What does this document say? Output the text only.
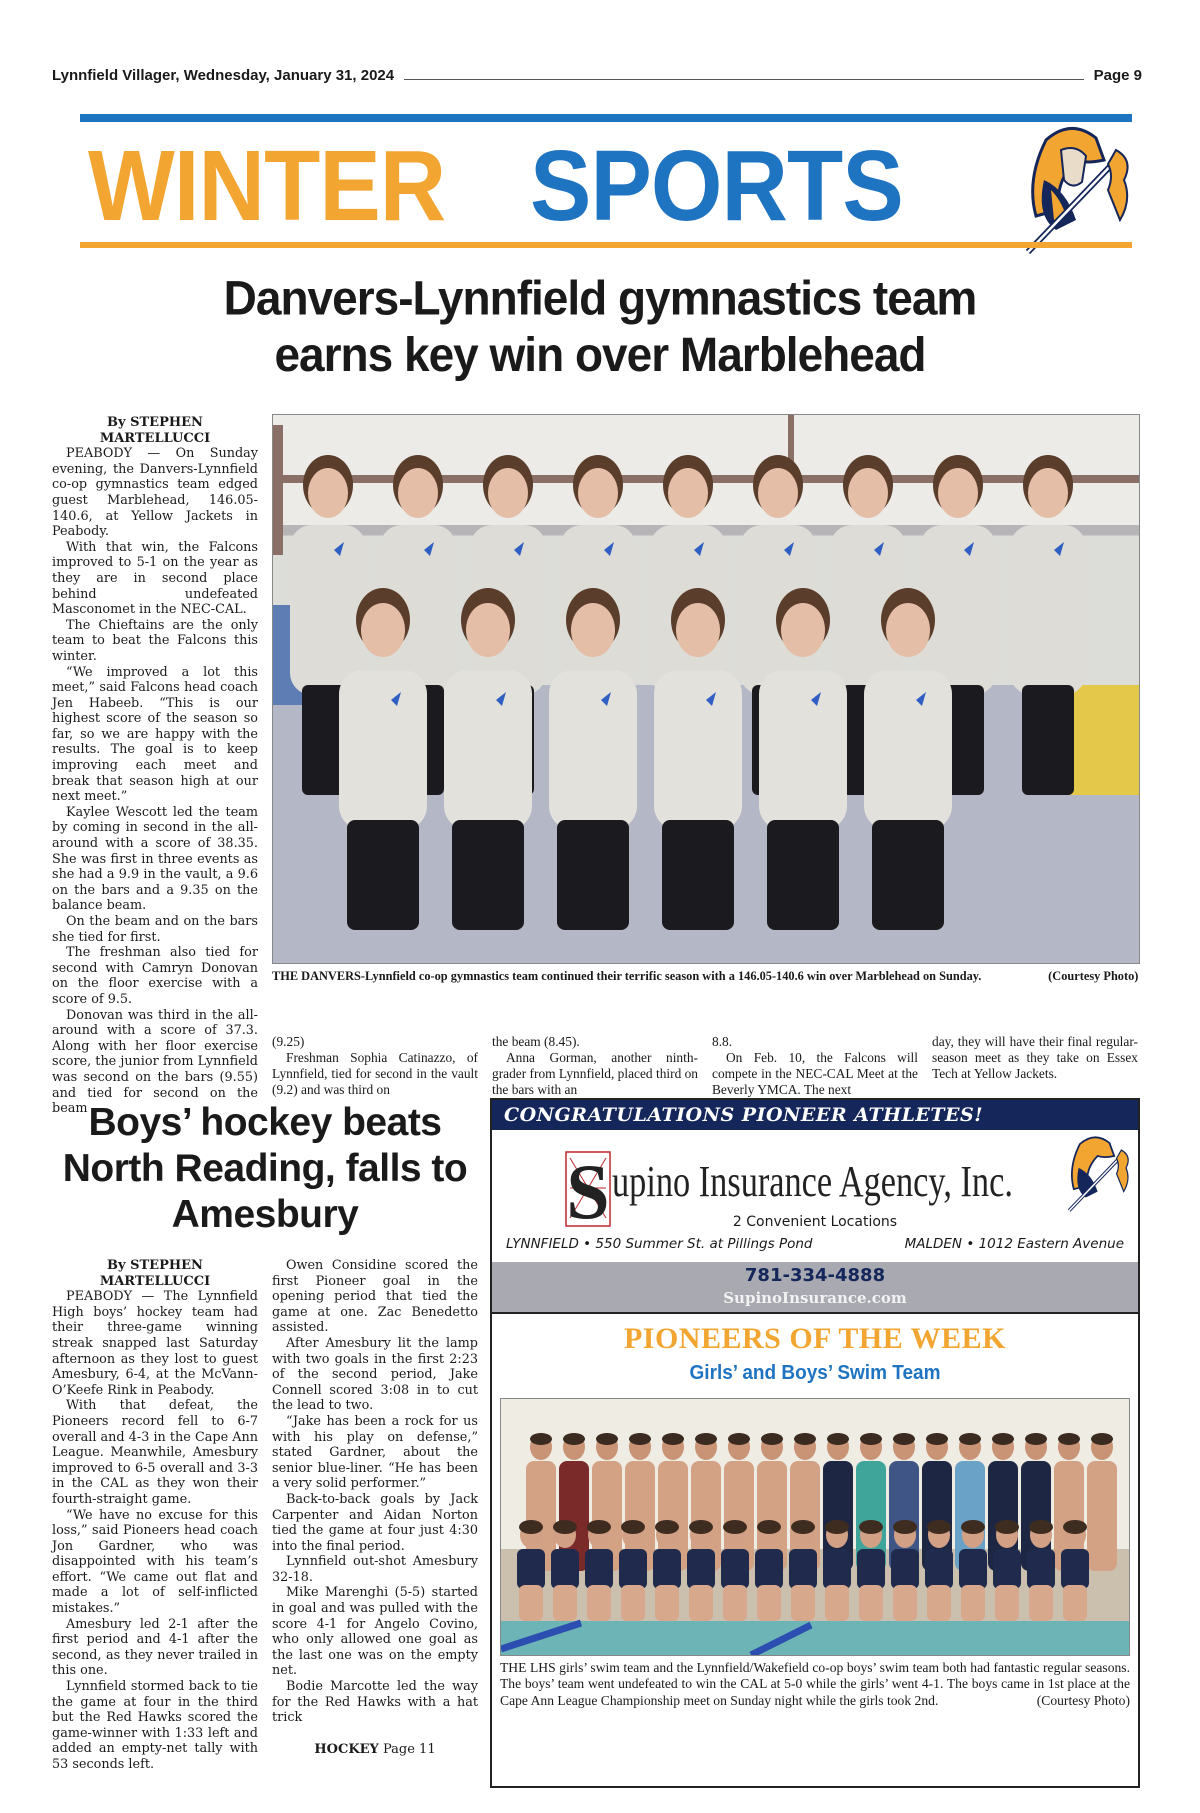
Lynnfield Villager, Wednesday, January 31, 2024	Page 9
WINTER SPORTS
Danvers-Lynnfield gymnastics team
earns key win over Marblehead

By STEPHEN MARTELLUCCI

PEABODY — On Sunday evening, the Danvers-Lynnfield co-op gymnastics team edged guest Marblehead, 146.05-140.6, at Yellow Jackets in Peabody.

With that win, the Falcons improved to 5-1 on the year as they are in second place behind undefeated Masconomet in the NEC-CAL.

The Chieftains are the only team to beat the Falcons this winter.

“We improved a lot this meet,” said Falcons head coach Jen Habeeb. “This is our highest score of the season so far, so we are happy with the results. The goal is to keep improving each meet and break that season high at our next meet.”

Kaylee Wescott led the team by coming in second in the all-around with a score of 38.35. She was first in three events as she had a 9.9 in the vault, a 9.6 on the bars and a 9.35 on the balance beam.

On the beam and on the bars she tied for first.

The freshman also tied for second with Camryn Donovan on the floor exercise with a score of 9.5.

Donovan was third in the all-around with a score of 37.3. Along with her floor exercise score, the junior from Lynnfield was second on the bars (9.55) and tied for second on the beam

THE DANVERS-Lynnfield co-op gymnastics team continued their terrific season with a 146.05-140.6 win over Marblehead on Sunday.	(Courtesy Photo)

(9.25)

Freshman Sophia Catinazzo, of Lynnfield, tied for second in the vault (9.2) and was third on

the beam (8.45).

Anna Gorman, another ninth-grader from Lynnfield, placed third on the bars with an

8.8.

On Feb. 10, the Falcons will compete in the NEC-CAL Meet at the Beverly YMCA. The next

day, they will have their final regular-season meet as they take on Essex Tech at Yellow Jackets.

Boys’ hockey beats North Reading, falls to Amesbury

By STEPHEN MARTELLUCCI

PEABODY — The Lynnfield High boys’ hockey team had their three-game winning streak snapped last Saturday afternoon as they lost to guest Amesbury, 6-4, at the McVann-O’Keefe Rink in Peabody.

With that defeat, the Pioneers record fell to 6-7 overall and 4-3 in the Cape Ann League. Meanwhile, Amesbury improved to 6-5 overall and 3-3 in the CAL as they won their fourth-straight game.

“We have no excuse for this loss,” said Pioneers head coach Jon Gardner, who was disappointed with his team’s effort. “We came out flat and made a lot of self-inflicted mistakes.”

Amesbury led 2-1 after the first period and 4-1 after the second, as they never trailed in this one.

Lynnfield stormed back to tie the game at four in the third but the Red Hawks scored the game-winner with 1:33 left and added an empty-net tally with 53 seconds left.

Owen Considine scored the first Pioneer goal in the opening period that tied the game at one. Zac Benedetto assisted.

After Amesbury lit the lamp with two goals in the first 2:23 of the second period, Jake Connell scored 3:08 in to cut the lead to two.

“Jake has been a rock for us with his play on defense,” stated Gardner, about the senior blue-liner. “He has been a very solid performer.”

Back-to-back goals by Jack Carpenter and Aidan Norton tied the game at four just 4:30 into the final period.

Lynnfield out-shot Amesbury 32-18.

Mike Marenghi (5-5) started in goal and was pulled with the score 4-1 for Angelo Covino, who only allowed one goal as the last one was on the empty net.

Bodie Marcotte led the way for the Red Hawks with a hat trick

HOCKEY Page 11

CONGRATULATIONS PIONEER ATHLETES!
S upino Insurance Agency, Inc.
2 Convenient Locations
LYNNFIELD • 550 Summer St. at Pillings Pond	MALDEN • 1012 Eastern Avenue
781-334-4888
SupinoInsurance.com
PIONEERS OF THE WEEK
Girls’ and Boys’ Swim Team
THE LHS girls’ swim team and the Lynnfield/Wakefield co-op boys’ swim team both had fantastic regular seasons. The boys’ team went undefeated to win the CAL at 5-0 while the girls’ went 4-1. The boys came in 1st place at the Cape Ann League Championship meet on Sunday night while the girls took 2nd.	(Courtesy Photo)
